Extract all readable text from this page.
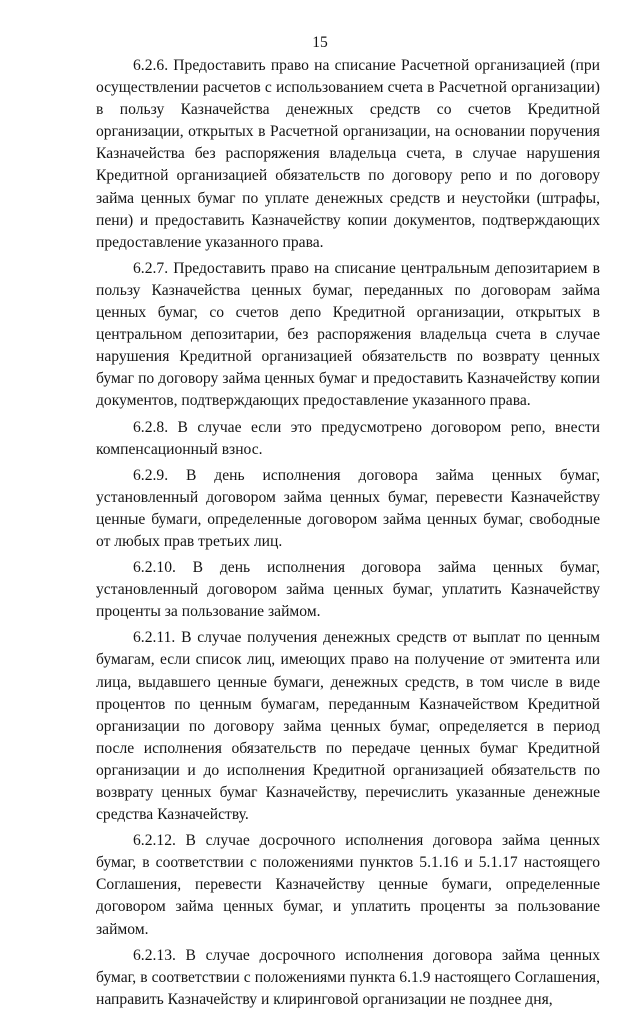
15

6.2.6. Предоставить право на списание Расчетной организацией (при осуществлении расчетов с использованием счета в Расчетной организации) в пользу Казначейства денежных средств со счетов Кредитной организации, открытых в Расчетной организации, на основании поручения Казначейства без распоряжения владельца счета, в случае нарушения Кредитной организацией обязательств по договору репо и по договору займа ценных бумаг по уплате денежных средств и неустойки (штрафы, пени) и предоставить Казначейству копии документов, подтверждающих предоставление указанного права.

6.2.7. Предоставить право на списание центральным депозитарием в пользу Казначейства ценных бумаг, переданных по договорам займа ценных бумаг, со счетов депо Кредитной организации, открытых в центральном депозитарии, без распоряжения владельца счета в случае нарушения Кредитной организацией обязательств по возврату ценных бумаг по договору займа ценных бумаг и предоставить Казначейству копии документов, подтверждающих предоставление указанного права.

6.2.8. В случае если это предусмотрено договором репо, внести компенсационный взнос.

6.2.9. В день исполнения договора займа ценных бумаг, установленный договором займа ценных бумаг, перевести Казначейству ценные бумаги, определенные договором займа ценных бумаг, свободные от любых прав третьих лиц.

6.2.10. В день исполнения договора займа ценных бумаг, установленный договором займа ценных бумаг, уплатить Казначейству проценты за пользование займом.

6.2.11. В случае получения денежных средств от выплат по ценным бумагам, если список лиц, имеющих право на получение от эмитента или лица, выдавшего ценные бумаги, денежных средств, в том числе в виде процентов по ценным бумагам, переданным Казначейством Кредитной организации по договору займа ценных бумаг, определяется в период после исполнения обязательств по передаче ценных бумаг Кредитной организации и до исполнения Кредитной организацией обязательств по возврату ценных бумаг Казначейству, перечислить указанные денежные средства Казначейству.

6.2.12. В случае досрочного исполнения договора займа ценных бумаг, в соответствии с положениями пунктов 5.1.16 и 5.1.17 настоящего Соглашения, перевести Казначейству ценные бумаги, определенные договором займа ценных бумаг, и уплатить проценты за пользование займом.

6.2.13. В случае досрочного исполнения договора займа ценных бумаг, в соответствии с положениями пункта 6.1.9 настоящего Соглашения, направить Казначейству и клиринговой организации не позднее дня,
